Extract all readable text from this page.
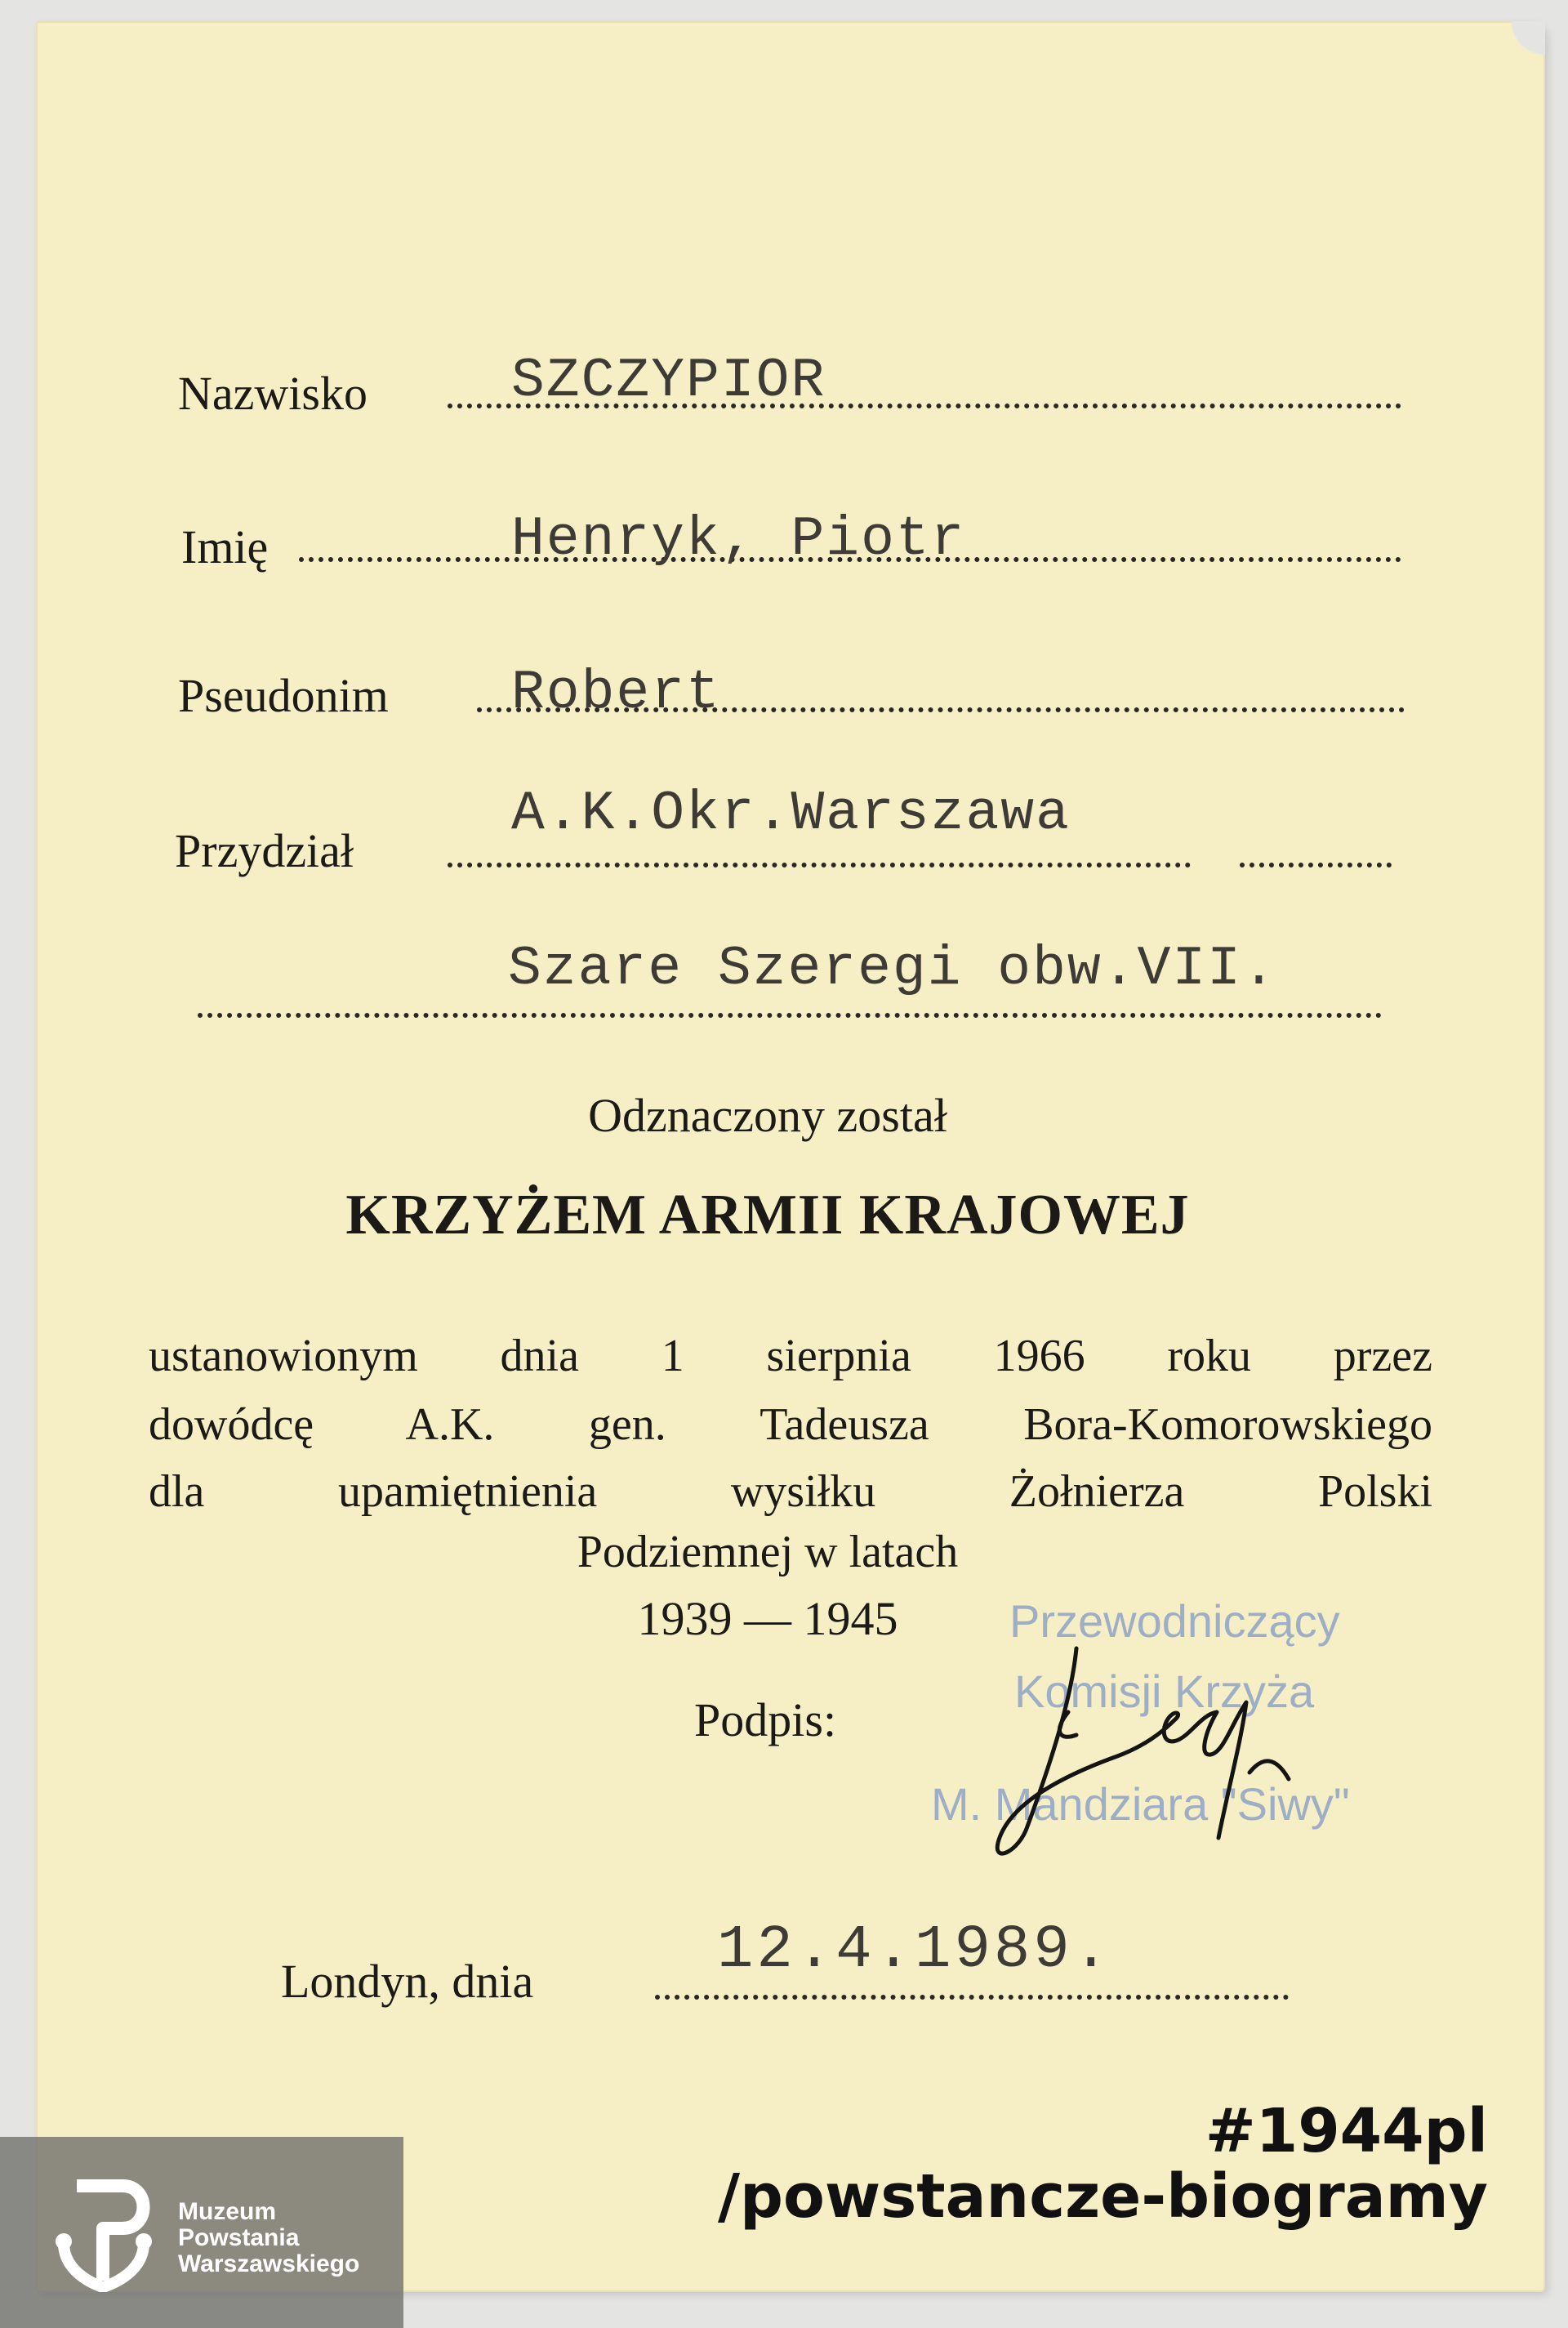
Nazwisko	SZCZYPIOR
Imię	Henryk, Piotr
Pseudonim Robert
Przydział
A.K.Okr.Warszawa
Szare Szeregi obw.VII.
Odznaczony został
KRZYŻEM ARMII KRAJOWEJ
ustanowionym dnia 1 sierpnia 1966 roku przez
dowódcę A.K. gen. Tadeusza Bora-Komorowskiego
dla upamiętnienia wysiłku Żołnierza Polski
Podziemnej w latach
1939 — 1945	Przewodniczący
Komisji Krzyża
M. Mandziara "Siwy"
Podpis:
Londyn, dnia	12.4.1989.
Muzeum
Powstania
Warszawskiego
#1944pl
/powstancze-biogramy
